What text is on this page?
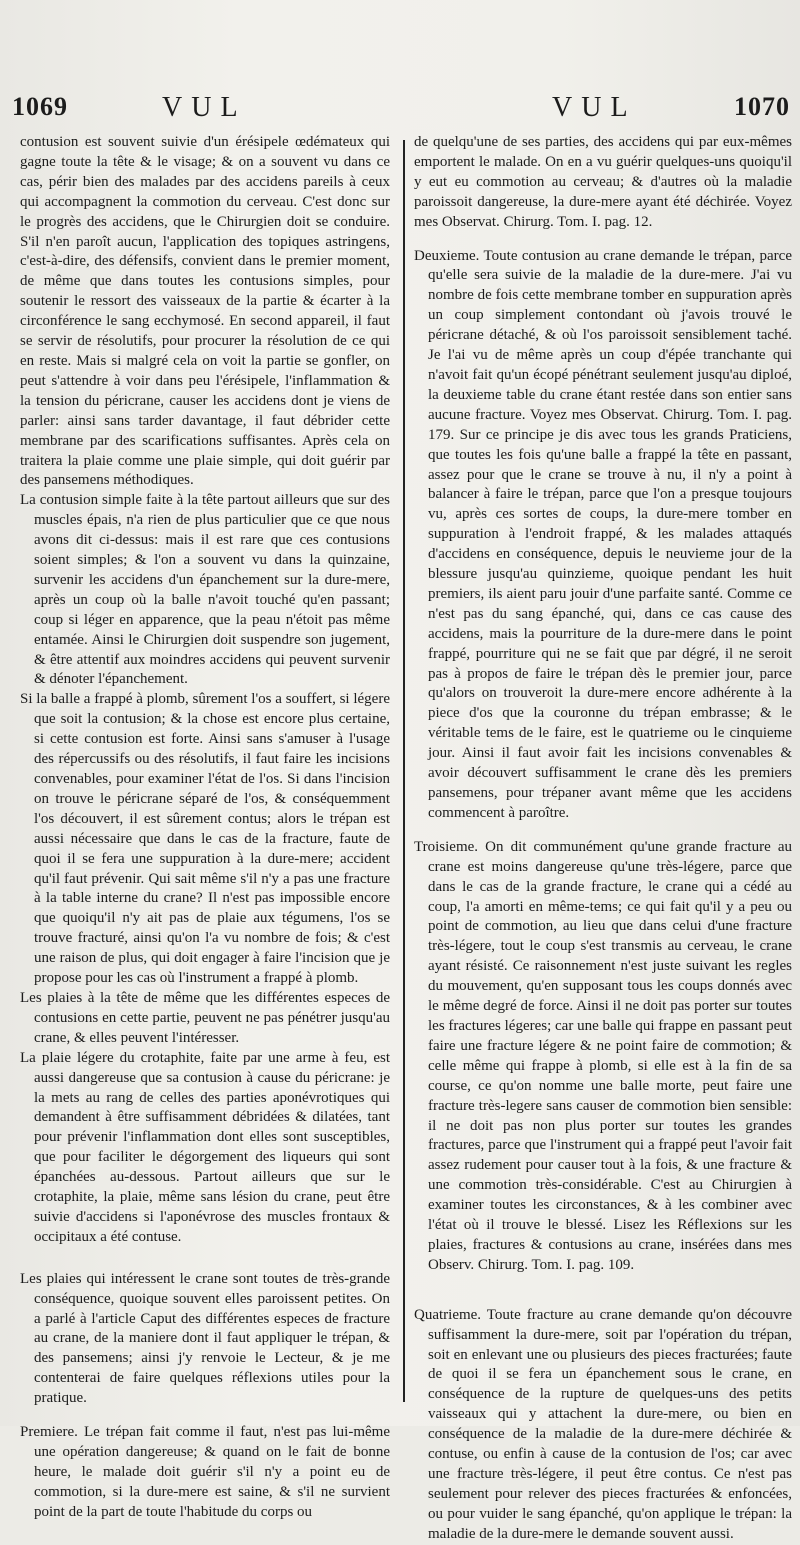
1069	VUL	VUL	1070

contusion est souvent suivie d'un érésipele œdémateux qui gagne toute la tête & le visage; & on a souvent vu dans ce cas, périr bien des malades par des accidens pareils à ceux qui accompagnent la commotion du cerveau. C'est donc sur le progrès des accidens, que le Chirurgien doit se conduire. S'il n'en paroît aucun, l'application des topiques astringens, c'est-à-dire, des défensifs, convient dans le premier moment, de même que dans toutes les contusions simples, pour soutenir le ressort des vaisseaux de la partie & écarter à la circonférence le sang ecchymosé. En second appareil, il faut se servir de résolutifs, pour procurer la résolution de ce qui en reste. Mais si malgré cela on voit la partie se gonfler, on peut s'attendre à voir dans peu l'érésipele, l'inflammation & la tension du péricrane, causer les accidens dont je viens de parler: ainsi sans tarder davantage, il faut débrider cette membrane par des scarifications suffisantes. Après cela on traitera la plaie comme une plaie simple, qui doit guérir par des pansemens méthodiques.

La contusion simple faite à la tête partout ailleurs que sur des muscles épais, n'a rien de plus particulier que ce que nous avons dit ci-dessus: mais il est rare que ces contusions soient simples; & l'on a souvent vu dans la quinzaine, survenir les accidens d'un épanchement sur la dure-mere, après un coup où la balle n'avoit touché qu'en passant; coup si léger en apparence, que la peau n'étoit pas même entamée. Ainsi le Chirurgien doit suspendre son jugement, & être attentif aux moindres accidens qui peuvent survenir & dénoter l'épanchement.

Si la balle a frappé à plomb, sûrement l'os a souffert, si légere que soit la contusion; & la chose est encore plus certaine, si cette contusion est forte. Ainsi sans s'amuser à l'usage des répercussifs ou des résolutifs, il faut faire les incisions convenables, pour examiner l'état de l'os. Si dans l'incision on trouve le péricrane séparé de l'os, & conséquemment l'os découvert, il est sûrement contus; alors le trépan est aussi nécessaire que dans le cas de la fracture, faute de quoi il se fera une suppuration à la dure-mere; accident qu'il faut prévenir. Qui sait même s'il n'y a pas une fracture à la table interne du crane? Il n'est pas impossible encore que quoiqu'il n'y ait pas de plaie aux tégumens, l'os se trouve fracturé, ainsi qu'on l'a vu nombre de fois; & c'est une raison de plus, qui doit engager à faire l'incision que je propose pour les cas où l'instrument a frappé à plomb.

Les plaies à la tête de même que les différentes especes de contusions en cette partie, peuvent ne pas pénétrer jusqu'au crane, & elles peuvent l'intéresser.

La plaie légere du crotaphite, faite par une arme à feu, est aussi dangereuse que sa contusion à cause du péricrane: je la mets au rang de celles des parties aponévrotiques qui demandent à être suffisamment débridées & dilatées, tant pour prévenir l'inflammation dont elles sont susceptibles, que pour faciliter le dégorgement des liqueurs qui sont épanchées au-dessous. Partout ailleurs que sur le crotaphite, la plaie, même sans lésion du crane, peut être suivie d'accidens si l'aponévrose des muscles frontaux & occipitaux a été contuse.

Les plaies qui intéressent le crane sont toutes de très-grande conséquence, quoique souvent elles paroissent petites. On a parlé à l'article Caput des différentes especes de fracture au crane, de la maniere dont il faut appliquer le trépan, & des pansemens; ainsi j'y renvoie le Lecteur, & je me contenterai de faire quelques réflexions utiles pour la pratique.

Premiere. Le trépan fait comme il faut, n'est pas lui-même une opération dangereuse; & quand on le fait de bonne heure, le malade doit guérir s'il n'y a point eu de commotion, si la dure-mere est saine, & s'il ne survient point de la part de toute l'habitude du corps ou

de quelqu'une de ses parties, des accidens qui par eux-mêmes emportent le malade. On en a vu guérir quelques-uns quoiqu'il y eut eu commotion au cerveau; & d'autres où la maladie paroissoit dangereuse, la dure-mere ayant été déchirée. Voyez mes Observat. Chirurg. Tom. I. pag. 12.

Deuxieme. Toute contusion au crane demande le trépan, parce qu'elle sera suivie de la maladie de la dure-mere. J'ai vu nombre de fois cette membrane tomber en suppuration après un coup simplement contondant où j'avois trouvé le péricrane détaché, & où l'os paroissoit sensiblement taché. Je l'ai vu de même après un coup d'épée tranchante qui n'avoit fait qu'un écopé pénétrant seulement jusqu'au diploé, la deuxieme table du crane étant restée dans son entier sans aucune fracture. Voyez mes Observat. Chirurg. Tom. I. pag. 179. Sur ce principe je dis avec tous les grands Praticiens, que toutes les fois qu'une balle a frappé la tête en passant, assez pour que le crane se trouve à nu, il n'y a point à balancer à faire le trépan, parce que l'on a presque toujours vu, après ces sortes de coups, la dure-mere tomber en suppuration à l'endroit frappé, & les malades attaqués d'accidens en conséquence, depuis le neuvieme jour de la blessure jusqu'au quinzieme, quoique pendant les huit premiers, ils aient paru jouir d'une parfaite santé. Comme ce n'est pas du sang épanché, qui, dans ce cas cause des accidens, mais la pourriture de la dure-mere dans le point frappé, pourriture qui ne se fait que par dégré, il ne seroit pas à propos de faire le trépan dès le premier jour, parce qu'alors on trouveroit la dure-mere encore adhérente à la piece d'os que la couronne du trépan embrasse; & le véritable tems de le faire, est le quatrieme ou le cinquieme jour. Ainsi il faut avoir fait les incisions convenables & avoir découvert suffisamment le crane dès les premiers pansemens, pour trépaner avant même que les accidens commencent à paroître.

Troisieme. On dit communément qu'une grande fracture au crane est moins dangereuse qu'une très-légere, parce que dans le cas de la grande fracture, le crane qui a cédé au coup, l'a amorti en même-tems; ce qui fait qu'il y a peu ou point de commotion, au lieu que dans celui d'une fracture très-légere, tout le coup s'est transmis au cerveau, le crane ayant résisté. Ce raisonnement n'est juste suivant les regles du mouvement, qu'en supposant tous les coups donnés avec le même degré de force. Ainsi il ne doit pas porter sur toutes les fractures légeres; car une balle qui frappe en passant peut faire une fracture légere & ne point faire de commotion; & celle même qui frappe à plomb, si elle est à la fin de sa course, ce qu'on nomme une balle morte, peut faire une fracture très-legere sans causer de commotion bien sensible: il ne doit pas non plus porter sur toutes les grandes fractures, parce que l'instrument qui a frappé peut l'avoir fait assez rudement pour causer tout à la fois, & une fracture & une commotion très-considérable. C'est au Chirurgien à examiner toutes les circonstances, & à les combiner avec l'état où il trouve le blessé. Lisez les Réflexions sur les plaies, fractures & contusions au crane, insérées dans mes Observ. Chirurg. Tom. I. pag. 109.

Quatrieme. Toute fracture au crane demande qu'on découvre suffisamment la dure-mere, soit par l'opération du trépan, soit en enlevant une ou plusieurs des pieces fracturées; faute de quoi il se fera un épanchement sous le crane, en conséquence de la rupture de quelques-uns des petits vaisseaux qui y attachent la dure-mere, ou bien en conséquence de la maladie de la dure-mere déchirée & contuse, ou enfin à cause de la contusion de l'os; car avec une fracture très-légere, il peut être contus. Ce n'est pas seulement pour relever des pieces fracturées & enfoncées, ou pour vuider le sang épanché, qu'on applique le trépan: la maladie de la dure-mere le demande souvent aussi.
